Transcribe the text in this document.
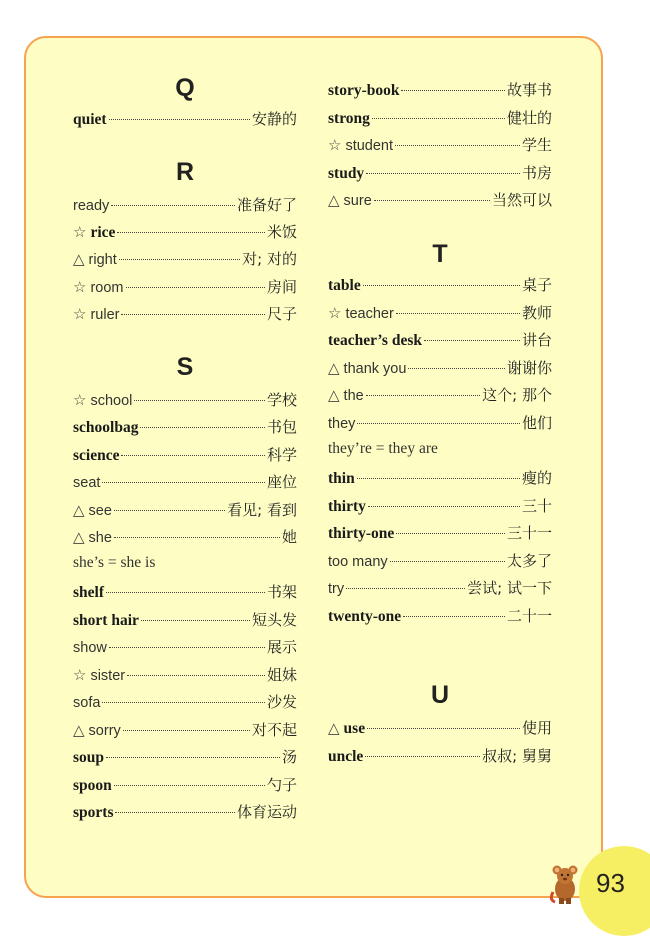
Q
quiet	安静的
R
ready	准备好了
☆ rice	米饭
△ right	对; 对的
☆ room	房间
☆ ruler	尺子
S
☆ school	学校
schoolbag	书包
science	科学
seat	座位
△ see	看见; 看到
△ she	她
she’s = she is
shelf	书架
short hair	短头发
show	展示
☆ sister	姐妹
sofa	沙发
△ sorry	对不起
soup	汤
spoon	勺子
sports	体育运动
story-book	故事书
strong	健壮的
☆ student	学生
study	书房
△ sure	当然可以
T
table	桌子
☆ teacher	教师
teacher’s desk	讲台
△ thank you	谢谢你
△ the	这个; 那个
they	他们
they’re = they are
thin	瘦的
thirty	三十
thirty-one	三十一
too many	太多了
try	尝试; 试一下
twenty-one	二十一
U
△ use	使用
uncle	叔叔; 舅舅
93
